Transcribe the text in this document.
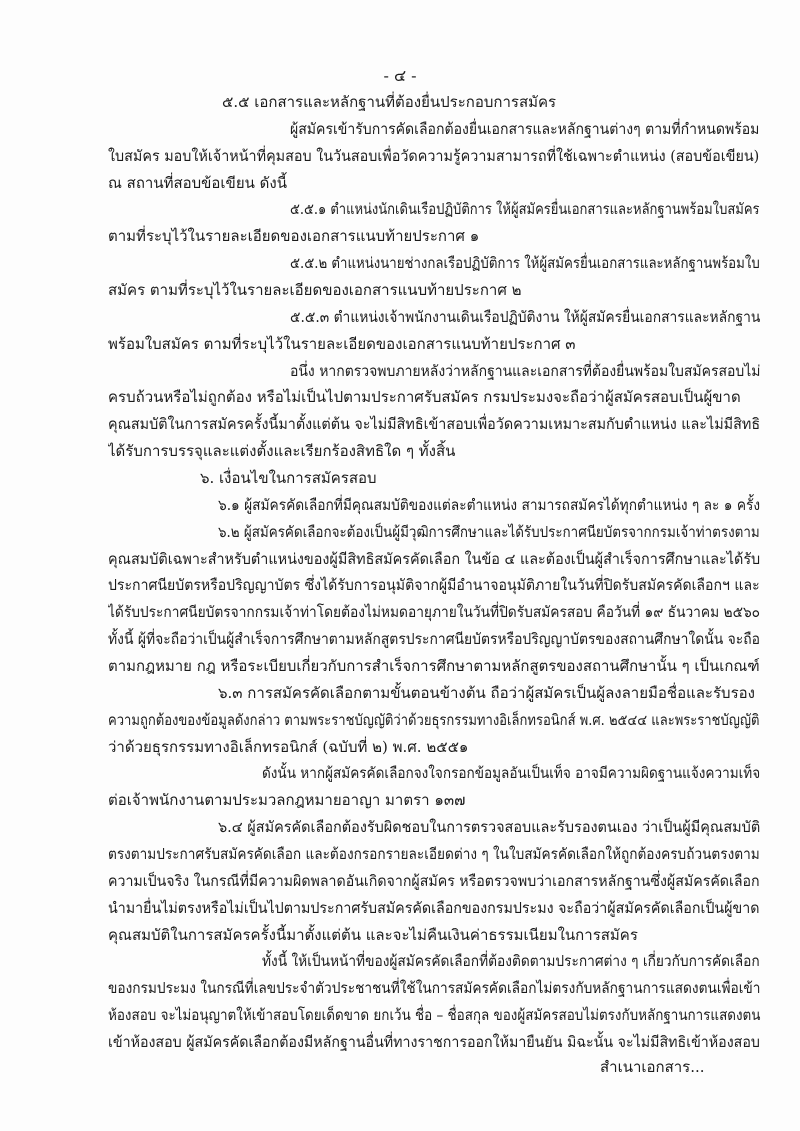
- ๔ -
๕.๕ เอกสารและหลักฐานที่ต้องยื่นประกอบการสมัคร
ผู้สมัครเข้ารับการคัดเลือกต้องยื่นเอกสารและหลักฐานต่างๆ ตามที่กำหนดพร้อม
ใบสมัคร มอบให้เจ้าหน้าที่คุมสอบ ในวันสอบเพื่อวัดความรู้ความสามารถที่ใช้เฉพาะตำแหน่ง (สอบข้อเขียน)
ณ สถานที่สอบข้อเขียน ดังนี้
๕.๕.๑ ตำแหน่งนักเดินเรือปฏิบัติการ ให้ผู้สมัครยื่นเอกสารและหลักฐานพร้อมใบสมัคร
ตามที่ระบุไว้ในรายละเอียดของเอกสารแนบท้ายประกาศ ๑
๕.๕.๒ ตำแหน่งนายช่างกลเรือปฏิบัติการ ให้ผู้สมัครยื่นเอกสารและหลักฐานพร้อมใบ
สมัคร ตามที่ระบุไว้ในรายละเอียดของเอกสารแนบท้ายประกาศ ๒
๕.๕.๓ ตำแหน่งเจ้าพนักงานเดินเรือปฏิบัติงาน ให้ผู้สมัครยื่นเอกสารและหลักฐาน
พร้อมใบสมัคร ตามที่ระบุไว้ในรายละเอียดของเอกสารแนบท้ายประกาศ ๓
อนึ่ง หากตรวจพบภายหลังว่าหลักฐานและเอกสารที่ต้องยื่นพร้อมใบสมัครสอบไม่
ครบถ้วนหรือไม่ถูกต้อง หรือไม่เป็นไปตามประกาศรับสมัคร กรมประมงจะถือว่าผู้สมัครสอบเป็นผู้ขาด
คุณสมบัติในการสมัครครั้งนี้มาตั้งแต่ต้น จะไม่มีสิทธิเข้าสอบเพื่อวัดความเหมาะสมกับตำแหน่ง และไม่มีสิทธิ
ได้รับการบรรจุและแต่งตั้งและเรียกร้องสิทธิใด ๆ ทั้งสิ้น
๖. เงื่อนไขในการสมัครสอบ
๖.๑ ผู้สมัครคัดเลือกที่มีคุณสมบัติของแต่ละตำแหน่ง สามารถสมัครได้ทุกตำแหน่ง ๆ ละ ๑ ครั้ง
๖.๒ ผู้สมัครคัดเลือกจะต้องเป็นผู้มีวุฒิการศึกษาและได้รับประกาศนียบัตรจากกรมเจ้าท่าตรงตาม
คุณสมบัติเฉพาะสำหรับตำแหน่งของผู้มีสิทธิสมัครคัดเลือก ในข้อ ๔ และต้องเป็นผู้สำเร็จการศึกษาและได้รับ
ประกาศนียบัตรหรือปริญญาบัตร ซึ่งได้รับการอนุมัติจากผู้มีอำนาจอนุมัติภายในวันที่ปิดรับสมัครคัดเลือกฯ และ
ได้รับประกาศนียบัตรจากกรมเจ้าท่าโดยต้องไม่หมดอายุภายในวันที่ปิดรับสมัครสอบ คือวันที่ ๑๙ ธันวาคม ๒๕๖๐
ทั้งนี้ ผู้ที่จะถือว่าเป็นผู้สำเร็จการศึกษาตามหลักสูตรประกาศนียบัตรหรือปริญญาบัตรของสถานศึกษาใดนั้น จะถือ
ตามกฎหมาย กฎ หรือระเบียบเกี่ยวกับการสำเร็จการศึกษาตามหลักสูตรของสถานศึกษานั้น ๆ เป็นเกณฑ์
๖.๓ การสมัครคัดเลือกตามขั้นตอนข้างต้น ถือว่าผู้สมัครเป็นผู้ลงลายมือชื่อและรับรอง
ความถูกต้องของข้อมูลดังกล่าว ตามพระราชบัญญัติว่าด้วยธุรกรรมทางอิเล็กทรอนิกส์ พ.ศ. ๒๕๔๔ และพระราชบัญญัติ
ว่าด้วยธุรกรรมทางอิเล็กทรอนิกส์ (ฉบับที่ ๒) พ.ศ. ๒๕๕๑
ดังนั้น หากผู้สมัครคัดเลือกจงใจกรอกข้อมูลอันเป็นเท็จ อาจมีความผิดฐานแจ้งความเท็จ
ต่อเจ้าพนักงานตามประมวลกฎหมายอาญา มาตรา ๑๓๗
๖.๔ ผู้สมัครคัดเลือกต้องรับผิดชอบในการตรวจสอบและรับรองตนเอง ว่าเป็นผู้มีคุณสมบัติ
ตรงตามประกาศรับสมัครคัดเลือก และต้องกรอกรายละเอียดต่าง ๆ ในใบสมัครคัดเลือกให้ถูกต้องครบถ้วนตรงตาม
ความเป็นจริง ในกรณีที่มีความผิดพลาดอันเกิดจากผู้สมัคร หรือตรวจพบว่าเอกสารหลักฐานซึ่งผู้สมัครคัดเลือก
นำมายื่นไม่ตรงหรือไม่เป็นไปตามประกาศรับสมัครคัดเลือกของกรมประมง จะถือว่าผู้สมัครคัดเลือกเป็นผู้ขาด
คุณสมบัติในการสมัครครั้งนี้มาตั้งแต่ต้น และจะไม่คืนเงินค่าธรรมเนียมในการสมัคร
ทั้งนี้ ให้เป็นหน้าที่ของผู้สมัครคัดเลือกที่ต้องติดตามประกาศต่าง ๆ เกี่ยวกับการคัดเลือก
ของกรมประมง ในกรณีที่เลขประจำตัวประชาชนที่ใช้ในการสมัครคัดเลือกไม่ตรงกับหลักฐานการแสดงตนเพื่อเข้า
ห้องสอบ จะไม่อนุญาตให้เข้าสอบโดยเด็ดขาด ยกเว้น ชื่อ – ชื่อสกุล ของผู้สมัครสอบไม่ตรงกับหลักฐานการแสดงตน
เข้าห้องสอบ ผู้สมัครคัดเลือกต้องมีหลักฐานอื่นที่ทางราชการออกให้มายืนยัน มิฉะนั้น จะไม่มีสิทธิเข้าห้องสอบ
สำเนาเอกสาร...
